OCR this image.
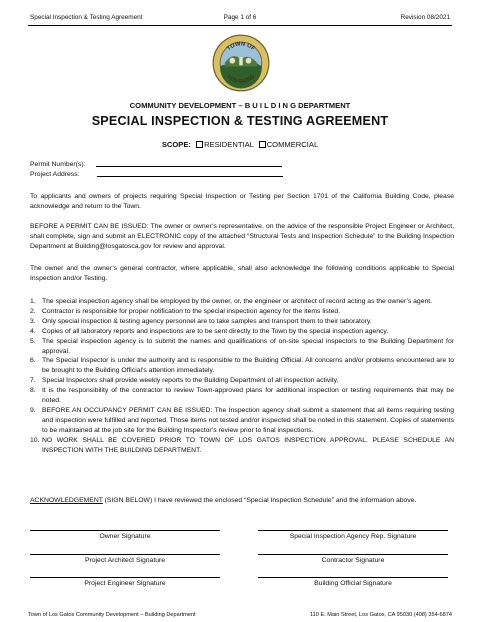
Special Inspection & Testing Agreement	Page 1 of 6	Revision 08/2021
TOWN OF
LOS GATOS
COMMUNITY DEVELOPMENT – B U I L D I N G DEPARTMENT
SPECIAL INSPECTION & TESTING AGREEMENT
SCOPE: RESIDENTIAL COMMERCIAL
Permit Number(s):
Project Address:
To applicants and owners of projects requiring Special Inspection or Testing per Section 1701 of the California Building Code, please acknowledge and return to the Town.
BEFORE A PERMIT CAN BE ISSUED: The owner or owner’s representative, on the advice of the responsible Project Engineer or Architect, shall complete, sign and submit an ELECTRONIC copy of the attached “Structural Tests and Inspection Schedule” to the Building Inspection Department at Building@losgatosca.gov for review and approval.
The owner and the owner’s general contractor, where applicable, shall also acknowledge the following conditions applicable to Special Inspection and/or Testing.
1. The special inspection agency shall be employed by the owner, or, the engineer or architect of record acting as the owner’s agent.
2. Contractor is responsible for proper notification to the special inspection agency for the items listed.
3. Only special inspection & testing agency personnel are to take samples and transport them to their laboratory.
4. Copies of all laboratory reports and inspections are to be sent directly to the Town by the special inspection agency.
5. The special inspection agency is to submit the names and qualifications of on-site special inspectors to the Building Department for approval.
6. The Special Inspector is under the authority and is responsible to the Building Official. All concerns and/or problems encountered are to be brought to the Building Official’s attention immediately.
7. Special Inspectors shall provide weekly reports to the Building Department of all inspection activity.
8. It is the responsibility of the contractor to review Town-approved plans for additional inspection or testing requirements that may be noted.
9. BEFORE AN OCCUPANCY PERMIT CAN BE ISSUED: The Inspection agency shall submit a statement that all items requiring testing and inspection were fulfilled and reported. Those items not tested and/or inspected shall be noted in this statement. Copies of statements to be maintained at the job site for the Building Inspector’s review prior to final inspections.
10. NO WORK SHALL BE COVERED PRIOR TO TOWN OF LOS GATOS INSPECTION APPROVAL. PLEASE SCHEDULE AN INSPECTION WITH THE BUILDING DEPARTMENT.
ACKNOWLEDGEMENT (SIGN BELOW) I have reviewed the enclosed “Special Inspection Schedule” and the information above.
Owner Signature	Special Inspection Agency Rep. Signature
Project Architect Signature	Contractor Signature
Project Engineer Signature	Building Official Signature
Town of Los Gatos Community Development – Building Department	110 E. Main Street, Los Gatos, CA 95030 (408) 354-6874
